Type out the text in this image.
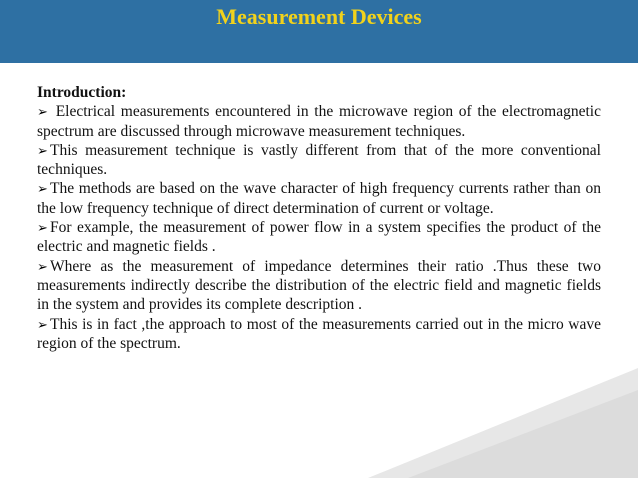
Measurement Devices

Introduction:

➢ Electrical measurements encountered in the microwave region of the electromagnetic spectrum are discussed through microwave measurement techniques.

➢ This measurement technique is vastly different from that of the more conventional techniques.

➢ The methods are based on the wave character of high frequency currents rather than on the low frequency technique of direct determination of current or voltage.

➢ For example, the measurement of power flow in a system specifies the product of the electric and magnetic fields .

➢ Where as the measurement of impedance determines their ratio .Thus these two measurements indirectly describe the distribution of the electric field and magnetic fields in the system and provides its complete description .

➢ This is in fact ,the approach to most of the measurements carried out in the micro wave region of the spectrum.
